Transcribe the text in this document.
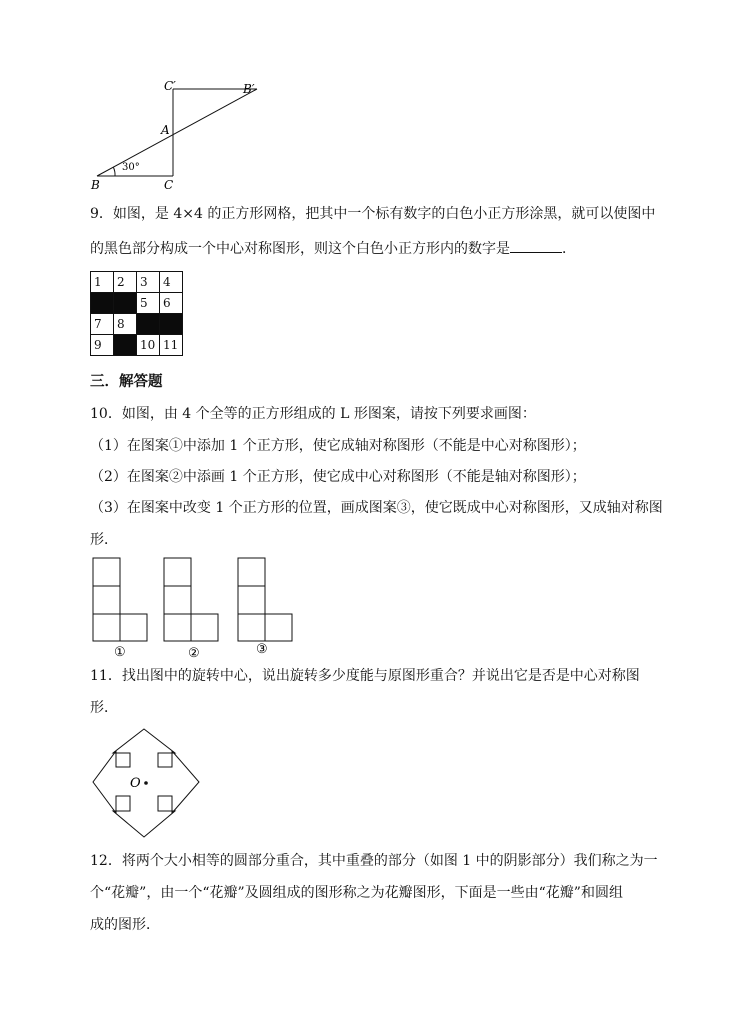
C′	B′
A
B	C
30°
9．如图，是 4×4 的正方形网格，把其中一个标有数字的白色小正方形涂黑，就可以使图中
的黑色部分构成一个中心对称图形，则这个白色小正方形内的数字是	．
1	2	3	4
		5	6
7	8		
9		10	11
三．解答题
10．如图，由 4 个全等的正方形组成的 L 形图案，请按下列要求画图：
（1）在图案①中添加 1 个正方形，使它成轴对称图形（不能是中心对称图形）；
（2）在图案②中添画 1 个正方形，使它成中心对称图形（不能是轴对称图形）；
（3）在图案中改变 1 个正方形的位置，画成图案③，使它既成中心对称图形，又成轴对称图
形．
①	②	③
11．找出图中的旋转中心，说出旋转多少度能与原图形重合？并说出它是否是中心对称图
形．
O
12．将两个大小相等的圆部分重合，其中重叠的部分（如图 1 中的阴影部分）我们称之为一
个“花瓣”，由一个“花瓣”及圆组成的图形称之为花瓣图形，下面是一些由“花瓣”和圆组
成的图形．
